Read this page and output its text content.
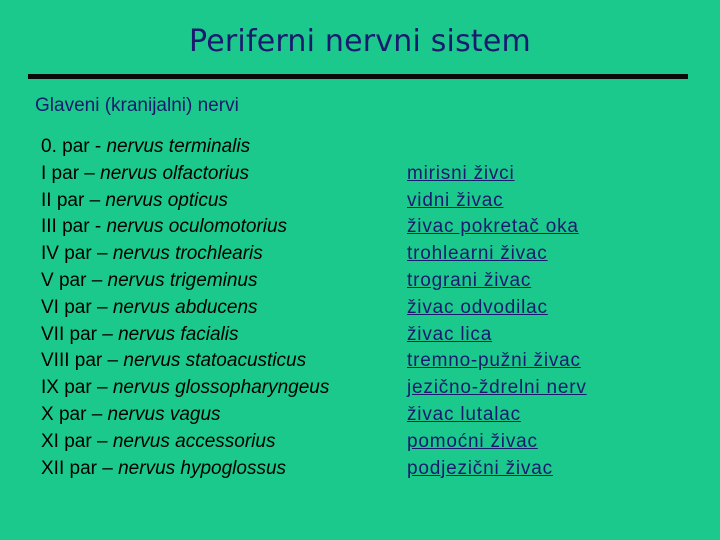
Periferni nervni sistem
Glaveni (kranijalni) nervi
0. par - nervus terminalis
I par – nervus olfactorius	mirisni živci
II par – nervus opticus	vidni živac
III par - nervus oculomotorius	živac pokretač oka
IV par – nervus trochlearis	trohlearni živac
V par – nervus trigeminus	trograni živac
VI par – nervus abducens	živac odvodilac
VII par – nervus facialis	živac lica
VIII par – nervus statoacusticus	tremno-pužni živac
IX par – nervus glossopharyngeus	jezično-ždrelni nerv
X par – nervus vagus	živac lutalac
XI par – nervus accessorius	pomoćni živac
XII par – nervus hypoglossus	podjezični živac
